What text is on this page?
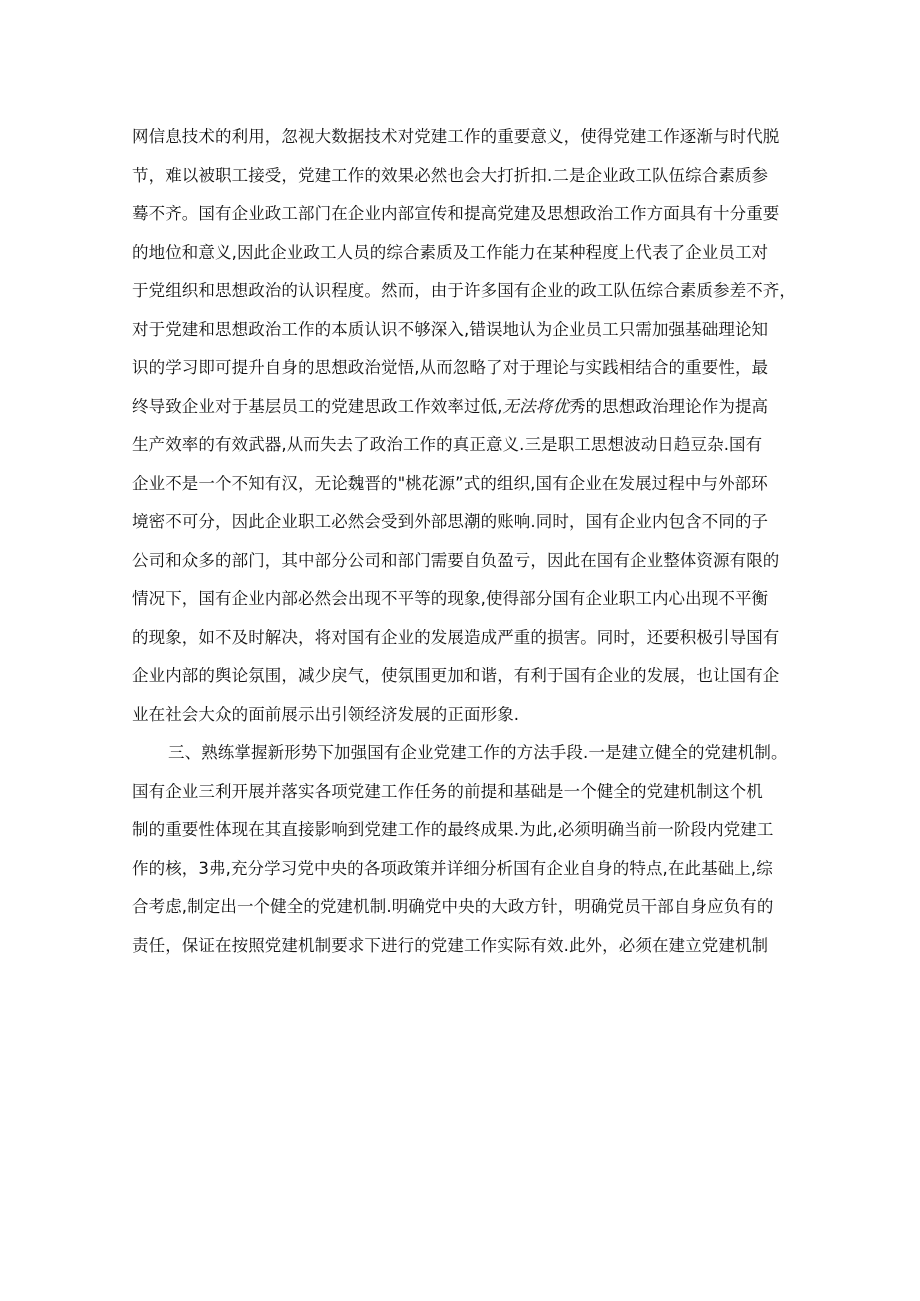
网信息技术的利用，忽视大数据技术对党建工作的重要意义，使得党建工作逐渐与时代脱
节，难以被职工接受，党建工作的效果必然也会大打折扣.二是企业政工队伍综合素质参
蓦不齐。国有企业政工部门在企业内部宣传和提高党建及思想政治工作方面具有十分重要
的地位和意义,因此企业政工人员的综合素质及工作能力在某种程度上代表了企业员工对
于党组织和思想政治的认识程度。然而，由于许多国有企业的政工队伍综合素质参差不齐，
对于党建和思想政治工作的本质认识不够深入,错误地认为企业员工只需加强基础理论知
识的学习即可提升自身的思想政治觉悟,从而忽略了对于理论与实践相结合的重要性，最
终导致企业对于基层员工的党建思政工作效率过低,无法将优秀的思想政治理论作为提高
生产效率的有效武器,从而失去了政治工作的真正意义.三是职工思想波动日趋豆杂.国有
企业不是一个不知有汉，无论魏晋的"桃花源”式的组织,国有企业在发展过程中与外部环
境密不可分，因此企业职工必然会受到外部思潮的账响.同时，国有企业内包含不同的子
公司和众多的部门，其中部分公司和部门需要自负盈亏，因此在国有企业整体资源有限的
情况下，国有企业内部必然会出现不平等的现象,使得部分国有企业职工内心出现不平衡
的现象，如不及时解决，将对国有企业的发展造成严重的损害。同时，还要积极引导国有
企业内部的舆论氛围，减少戾气，使氛围更加和谐，有利于国有企业的发展，也让国有企
业在社会大众的面前展示出引领经济发展的正面形象.
三、熟练掌握新形势下加强国有企业党建工作的方法手段.一是建立健全的党建机制。
国有企业三利开展并落实各项党建工作任务的前提和基础是一个健全的党建机制这个机
制的重要性体现在其直接影响到党建工作的最终成果.为此,必须明确当前一阶段内党建工
作的核，3弗,充分学习党中央的各项政策并详细分析国有企业自身的特点,在此基础上,综
合考虑,制定出一个健全的党建机制.明确党中央的大政方针，明确党员干部自身应负有的
责任，保证在按照党建机制要求下进行的党建工作实际有效.此外，必须在建立党建机制
